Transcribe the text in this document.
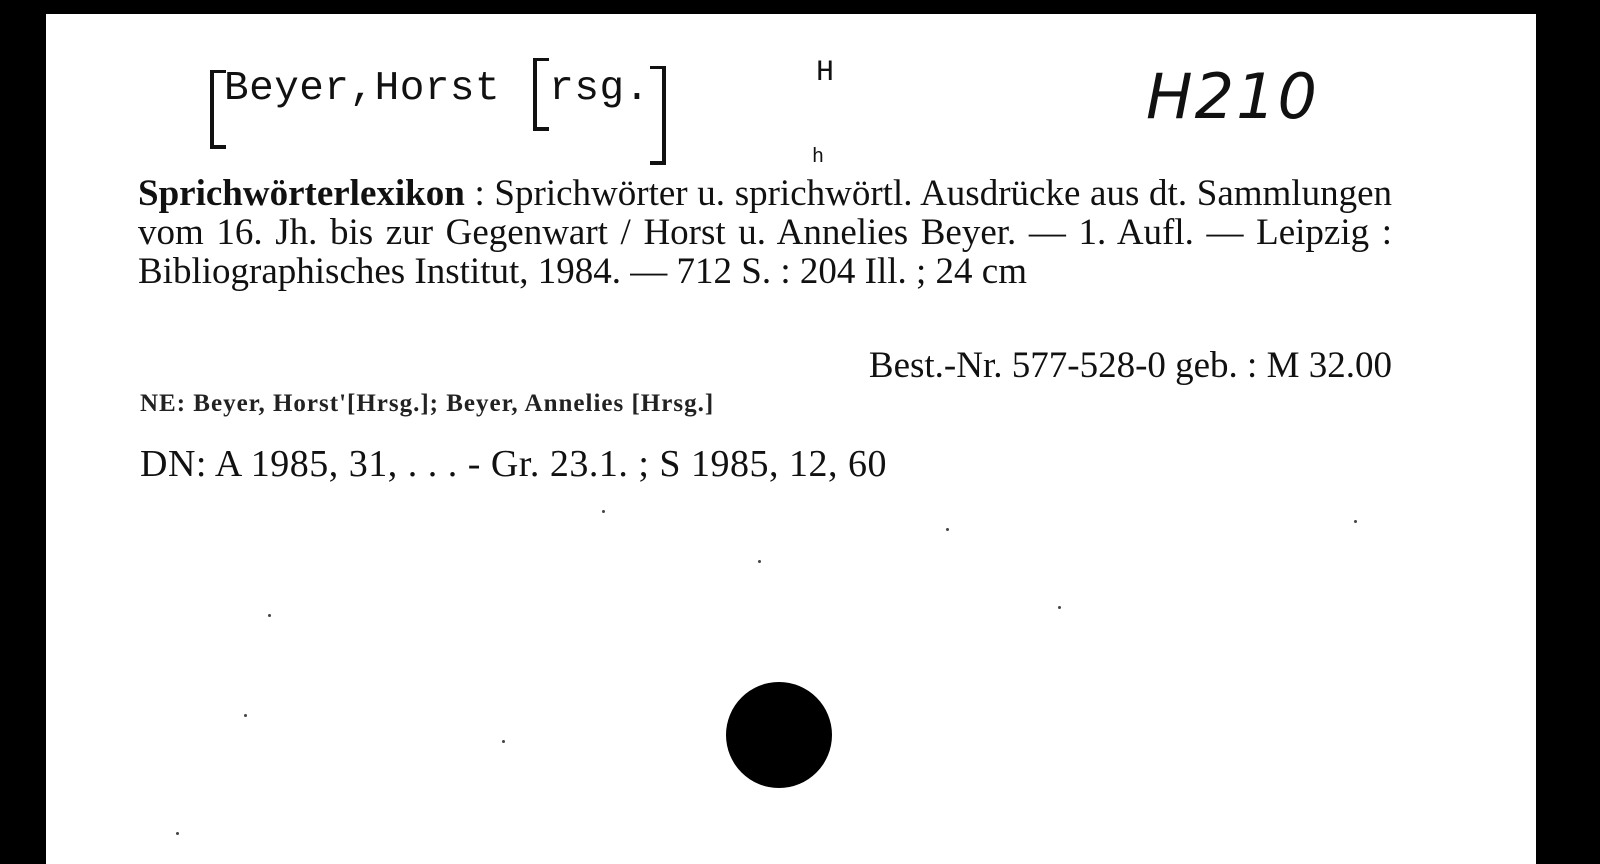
Beyer,Horst rsg.	H
h
H210
Sprichwörterlexikon : Sprichwörter u. sprichwörtl. Ausdrücke aus dt. Sammlungen vom 16. Jh. bis zur Gegenwart / Horst u. Annelies Beyer. — 1. Aufl. — Leipzig : Bibliographisches Institut, 1984. — 712 S. : 204 Ill. ; 24 cm
Best.-Nr. 577-528-0 geb. : M 32.00
NE: Beyer, Horst'[Hrsg.]; Beyer, Annelies [Hrsg.]
DN: A 1985, 31, . . . - Gr. 23.1. ; S 1985, 12, 60
